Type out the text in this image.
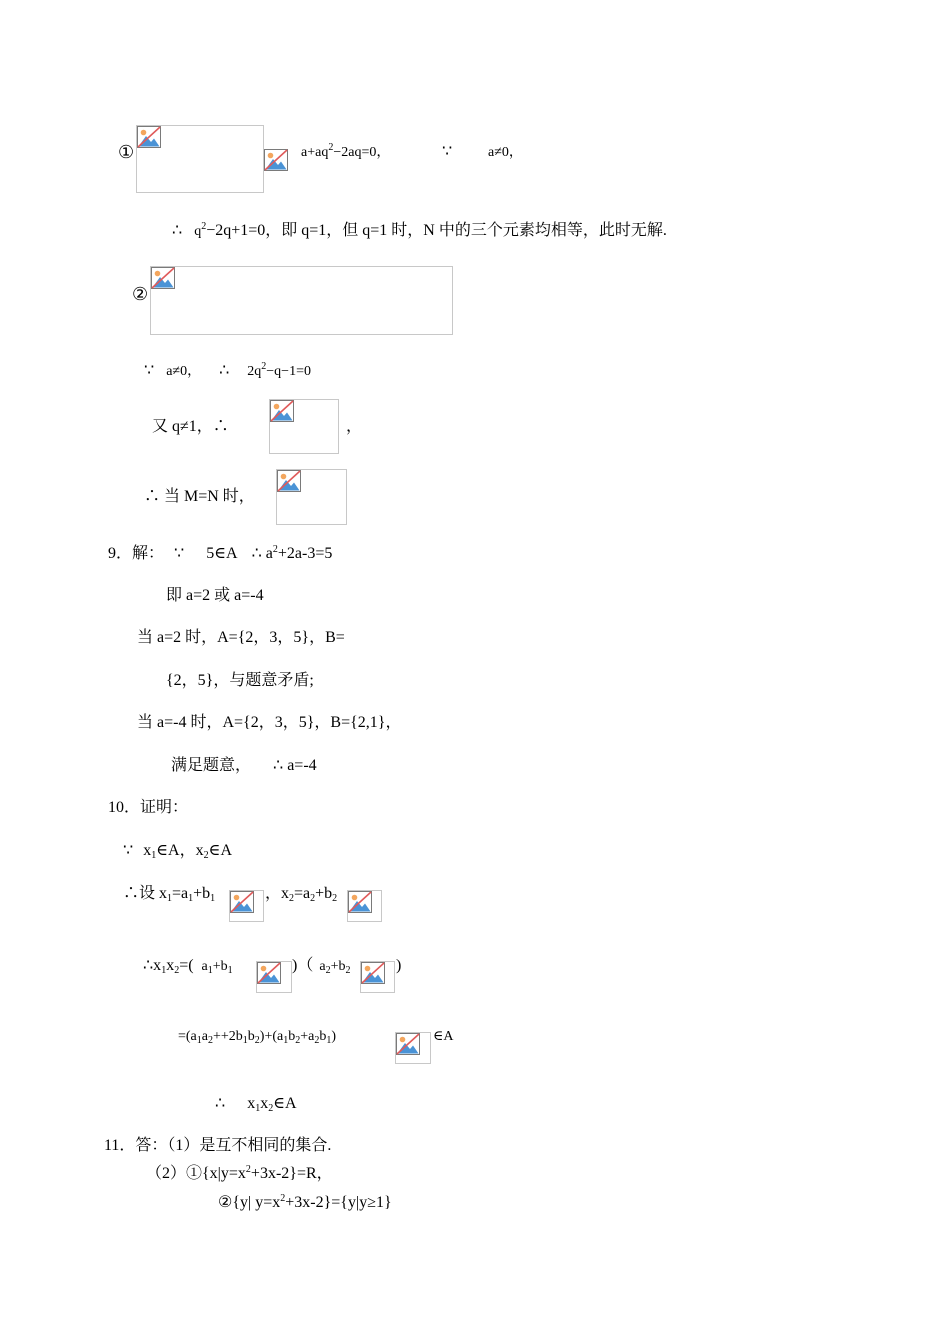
①	$a+aq^2-2aq=0$，	∵	a≠0，
∴ $q^2-2q+1=0$，即 q=1，但 q=1 时，N 中的三个元素均相等，此时无解.
②
∵ a≠0， ∴ $2q^2-q-1=0$
又 q≠1，∴	，
∴ 当 M=N 时，
9．解： ∵ 5∈A ∴ $a^2+2a-3=5$
即 a=2 或 a=-4
当 a=2 时，A={2，3，5}，B=
{2，5}，与题意矛盾;
当 a=-4 时，A={2，3，5}，B={2,1}，
满足题意， ∴ a=-4
10．证明：
∵ $x_1\in A$，$x_2\in A$
∴设 $x_1=a_1+b_1$	，$x_2=a_2+b_2$
$\therefore x_1x_2=$( $a_1+b_1$	)（ $a_2+b_2$	)
$=(a_1a_2++2b_1b_2)+(a_1b_2+a_2b_1)$	∈A
∴ $x_1x_2\in A$
11．答：（1）是互不相同的集合.
$(2)①\{x|y=x^2+3x-2\}=R$，
②{y| $y=x^2+3x-2\}=\{y|y\ge 1\}$
